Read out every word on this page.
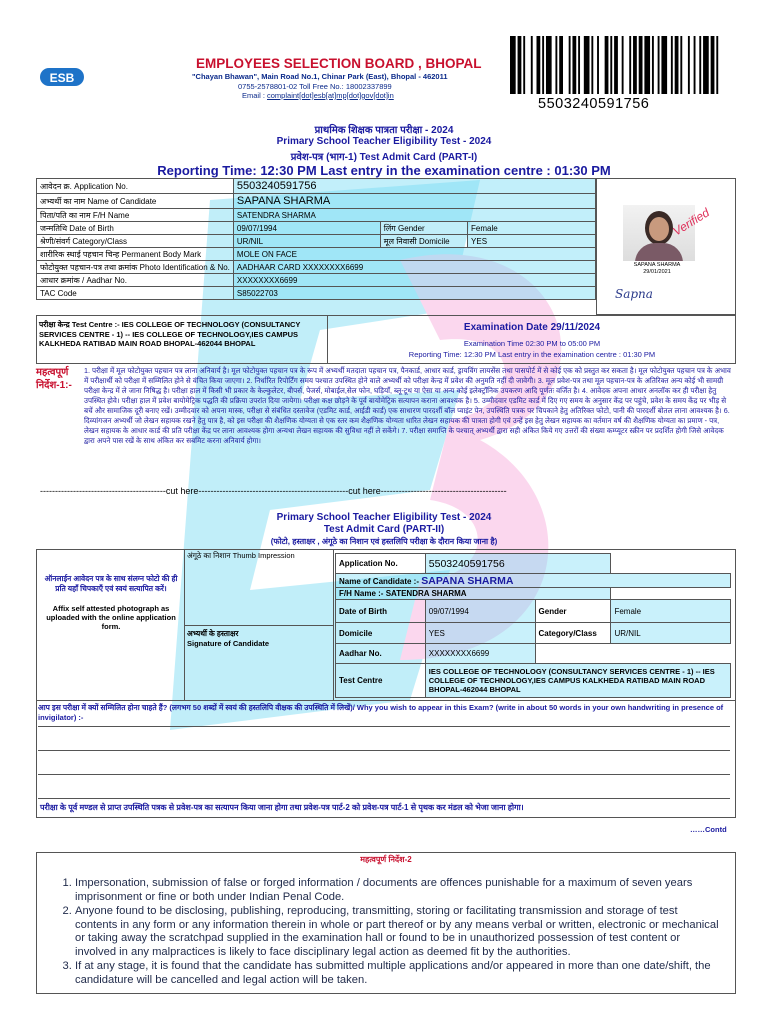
ESB
EMPLOYEES SELECTION BOARD , BHOPAL
"Chayan Bhawan", Main Road No.1, Chinar Park (East), Bhopal - 462011
0755-2578801-02 Toll Free No.: 18002337899
Email : complaint[dot]esb[at]mp[dot]gov[dot]in
5503240591756
प्राथमिक शिक्षक पात्रता परीक्षा - 2024
Primary School Teacher Eligibility Test - 2024
प्रवेश-पत्र (भाग-1) Test Admit Card (PART-I)
Reporting Time: 12:30 PM Last entry in the examination centre : 01:30 PM
आवेदन क्र. Application No.	5503240591756		
अभ्यर्थी का नाम Name of Candidate	SAPANA SHARMA		
पिता/पति का नाम F/H Name	SATENDRA SHARMA		
जन्मतिथि Date of Birth	09/07/1994	लिंग Gender	Female
श्रेणी/संवर्ग Category/Class	UR/NIL	मूल निवासी Domicile	YES
शारीरिक स्थाई पहचान चिन्ह Permanent Body Mark	MOLE ON FACE		
फोटोयुक्त पहचान-पत्र तथा क्रमांक Photo Identification & No.	AADHAAR CARD XXXXXXXX6699		
आधार क्रमांक / Aadhar No.	XXXXXXXX6699		
TAC Code	S85022703		
Verified
SAPANA SHARMA
29/01/2021
Sapna
परीक्षा केन्द्र Test Centre :- IES COLLEGE OF TECHNOLOGY (CONSULTANCY SERVICES CENTRE - 1) -- IES COLLEGE OF TECHNOLOGY,IES CAMPUS KALKHEDA RATIBAD MAIN ROAD BHOPAL-462044 BHOPAL
Examination Date 29/11/2024
Examination Time 02:30 PM to 05:00 PM
Reporting Time: 12:30 PM Last entry in the examination centre : 01:30 PM
महत्वपूर्ण निर्देश-1:-
1. परीक्षा में मूल फोटोयुक्त पहचान पत्र लाना अनिवार्य है। मूल फोटोयुक्त पहचान पत्र के रूप में अभ्यर्थी मतदाता पहचान पत्र, पैनकार्ड, आधार कार्ड, ड्रायविंग लायसेंस तथा पासपोर्ट में से कोई एक को प्रस्तुत कर सकता है। मूल फोटोयुक्त पहचान पत्र के अभाव में परीक्षार्थी को परीक्षा में सम्मिलित होने से वंचित किया जाएगा। 2. निर्धारित रिपोर्टिंग समय पश्चात उपस्थित होने वाले अभ्यर्थी को परीक्षा केन्द्र में प्रवेश की अनुमति नहीं दी जावेगी। 3. मूल प्रवेश-पत्र तथा मूल पहचान-पत्र के अतिरिक्त अन्य कोई भी सामग्री परीक्षा केन्द्र में ले जाना निषिद्ध है। परीक्षा हाल में किसी भी प्रकार के केल्कुलेटर, बीपर्स, पेजर्स, मोबाईल,सेल फोन, घड़ियाँ, ब्लू-टूथ या ऐसा या अन्य कोई इलेक्ट्रॉनिक उपकरण आदि पूर्णतः वर्जित है। 4. आवेदक अपना आधार अनलॉक कर ही परीक्षा हेतु उपस्थित होवे। परीक्षा हाल में प्रवेश बायोमेट्रिक पद्धति की प्रक्रिया उपरांत दिया जायेगा। परीक्षा कक्ष छोड़ने के पूर्व बायोमेट्रिक सत्यापन कराना आवश्यक है। 5. उम्मीदवार एडमिट कार्ड में दिए गए समय के अनुसार केंद्र पर पहुंचे, प्रवेश के समय केंद्र पर भीड़ से बचें और सामाजिक दूरी बनाए रखें। उम्मीदवार को अपना मास्क, परीक्षा से संबंधित दस्तावेज (एडमिट कार्ड, आईडी कार्ड) एक साधारण पारदर्शी बॉल प्वाइंट पेन, उपस्थिति पत्रक पर चिपकाने हेतु अतिरिक्त फोटो, पानी की पारदर्शी बोतल लाना आवश्यक है। 6. दिव्यांगजन अभ्यर्थी जो लेखन सहायक रखने हेतु पात्र है, को इस परीक्षा की शैक्षणिक योग्यता से एक स्तर कम शैक्षणिक योग्यता धारित लेखन सहायक की पात्रता होगी एवं उन्हें इस हेतु लेखन सहायक का वर्तमान वर्ष की शैक्षणिक योग्यता का प्रमाण - पत्र, लेखन सहायक के आधार कार्ड की प्रति परीक्षा केंद्र पर लाना आवश्यक होगा अन्यथा लेखन सहायक की सुविधा नहीं ले सकेंगे। 7. परीक्षा समाप्ति के पश्चात् अभ्यर्थी द्वारा सही अंकित किये गए उत्तरों की संख्या कम्प्यूटर स्क्रीन पर प्रदर्शित होगी जिसे आवेदक द्वारा अपने पास रखें के साथ अंकित कर सबमिट करना अनिवार्य होगा।
------------------------------------------cut here--------------------------------------------------cut here------------------------------------------
Primary School Teacher Eligibility Test - 2024
Test Admit Card (PART-II)
(फोटो, हस्ताक्षर , अंगूठे का निशान एवं हस्तलिपि परीक्षा के दौरान किया जाना है)
ऑनलाईन आवेदन पत्र के साथ संलग्न फोटो की ही प्रति यहाँ चिपकाएँ एवं स्वयं सत्यापित करें।
Affix self attested photograph as uploaded with the online application form.
अंगूठे का निशान Thumb Impression
अभ्यर्थी के हस्ताक्षर
Signature of Candidate
Application No.	5503240591756		
Name of Candidate :- SAPANA SHARMA			
F/H Name :- SATENDRA SHARMA			
Date of Birth	09/07/1994	Gender	Female
Domicile	YES	Category/Class	UR/NIL
Aadhar No.	XXXXXXXX6699		
Test Centre	IES COLLEGE OF TECHNOLOGY (CONSULTANCY SERVICES CENTRE - 1) -- IES COLLEGE OF TECHNOLOGY,IES CAMPUS KALKHEDA RATIBAD MAIN ROAD BHOPAL-462044 BHOPAL		
आप इस परीक्षा में क्यों सम्मिलित होना चाहते हैं? (लगभग 50 शब्दों में स्वयं की हस्तलिपि वीक्षक की उपस्थिति में लिखें)/ Why you wish to appear in this Exam? (write in about 50 words in your own handwriting in presence of invigilator) :-
परीक्षा के पूर्व मण्डल से प्राप्त उपस्थिति पत्रक से प्रवेश-पत्र का सत्यापन किया जाना होगा तथा प्रवेश-पत्र पार्ट-2 को प्रवेश-पत्र पार्ट-1 से पृथक कर मंडल को भेजा जाना होगा।
……Contd
महत्वपूर्ण निर्देश-2
1. Impersonation, submission of false or forged information / documents are offences punishable for a maximum of seven years imprisonment or fine or both under Indian Penal Code.
2. Anyone found to be disclosing, publishing, reproducing, transmitting, storing or facilitating transmission and storage of test contents in any form or any information therein in whole or part thereof or by any means verbal or written, electronic or mechanical or taking away the scratchpad supplied in the examination hall or found to be in unauthorized possession of test content or involved in any malpractices is likely to face disciplinary legal action as deemed fit by the authorities.
3. If at any stage, it is found that the candidate has submitted multiple applications and/or appeared in more than one date/shift, the candidature will be cancelled and legal action will be taken.
